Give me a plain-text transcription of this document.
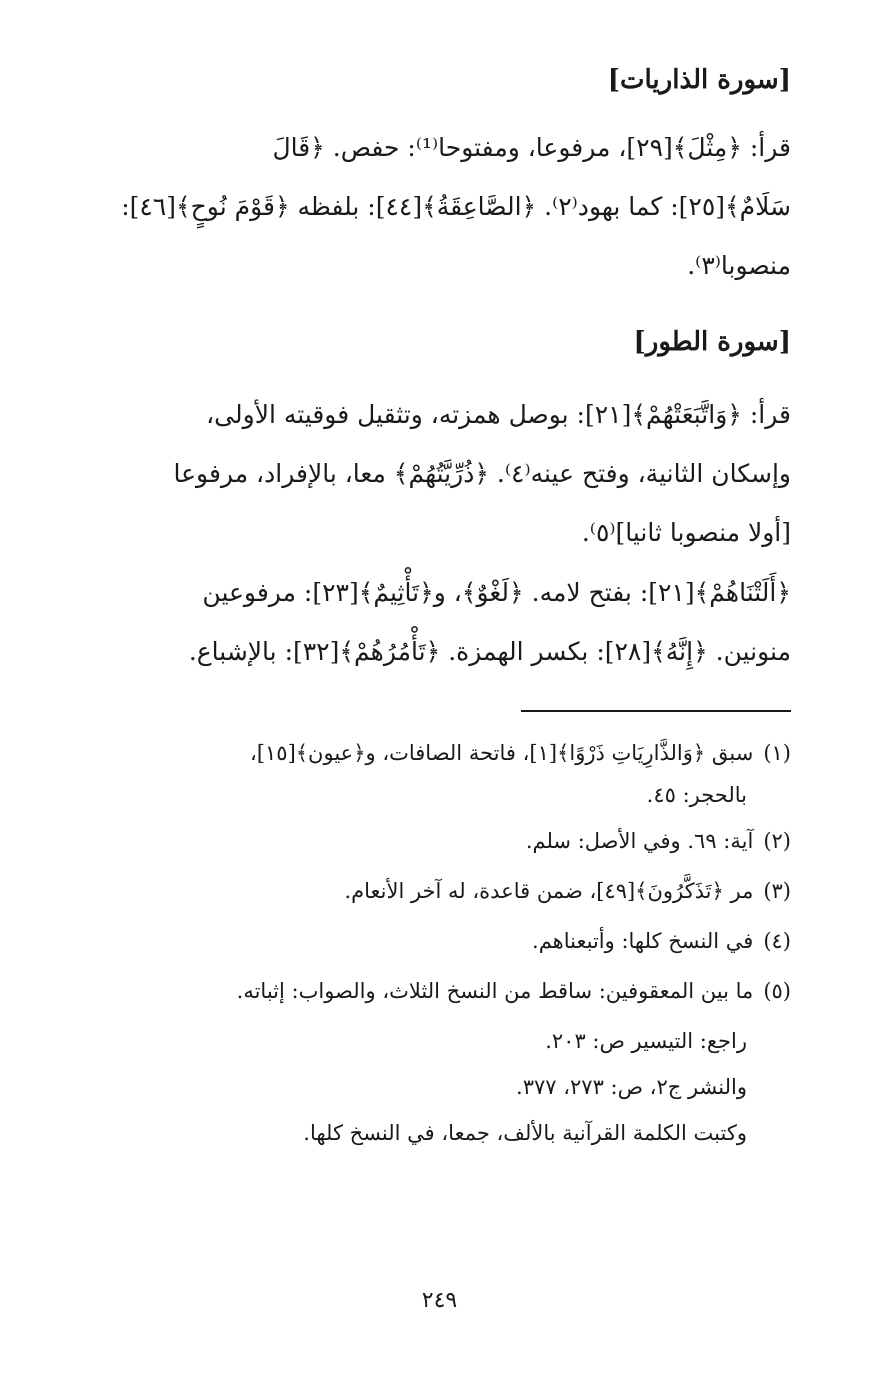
[سورة الذاريات]

قرأ: ﴿مِثْلَ﴾[٢٩]، مرفوعا، ومفتوحا⁽¹⁾: حفص. ﴿قَالَ

سَلَامٌ﴾[٢٥]: كما بهود⁽٢⁾. ﴿الصَّاعِقَةُ﴾[٤٤]: بلفظه ﴿قَوْمَ نُوحٍ﴾[٤٦]:

منصوبا⁽٣⁾.

[سورة الطور]

قرأ: ﴿وَاتَّبَعَتْهُمْ﴾[٢١]: بوصل همزته، وتثقيل فوقيته الأولى،

وإسكان الثانية، وفتح عينه⁽٤⁾. ﴿ذُرِّيَّتُهُمْ﴾ معا، بالإفراد، مرفوعا

[أولا منصوبا ثانيا]⁽٥⁾.

﴿أَلَتْنَاهُمْ﴾[٢١]: بفتح لامه. ﴿لَغْوٌ﴾، و﴿تَأْثِيمٌ﴾[٢٣]: مرفوعين

منونين. ﴿إِنَّهُ﴾[٢٨]: بكسر الهمزة. ﴿تَأْمُرُهُمْ﴾[٣٢]: بالإشباع.

(١)سبق ﴿وَالذَّارِيَاتِ ذَرْوًا﴾[١]، فاتحة الصافات، و﴿عيون﴾[١٥]،

بالحجر: ٤٥.

(٢)آية: ٦٩. وفي الأصل: سلم.

(٣)مر ﴿تَذَكَّرُونَ﴾[٤٩]، ضمن قاعدة، له آخر الأنعام.

(٤)في النسخ كلها: وأتبعناهم.

(٥)ما بين المعقوفين: ساقط من النسخ الثلاث، والصواب: إثباته.

راجع: التيسير ص: ٢٠٣.

والنشر ج٢، ص: ٢٧٣، ٣٧٧.

وكتبت الكلمة القرآنية بالألف، جمعا، في النسخ كلها.

٢٤٩
